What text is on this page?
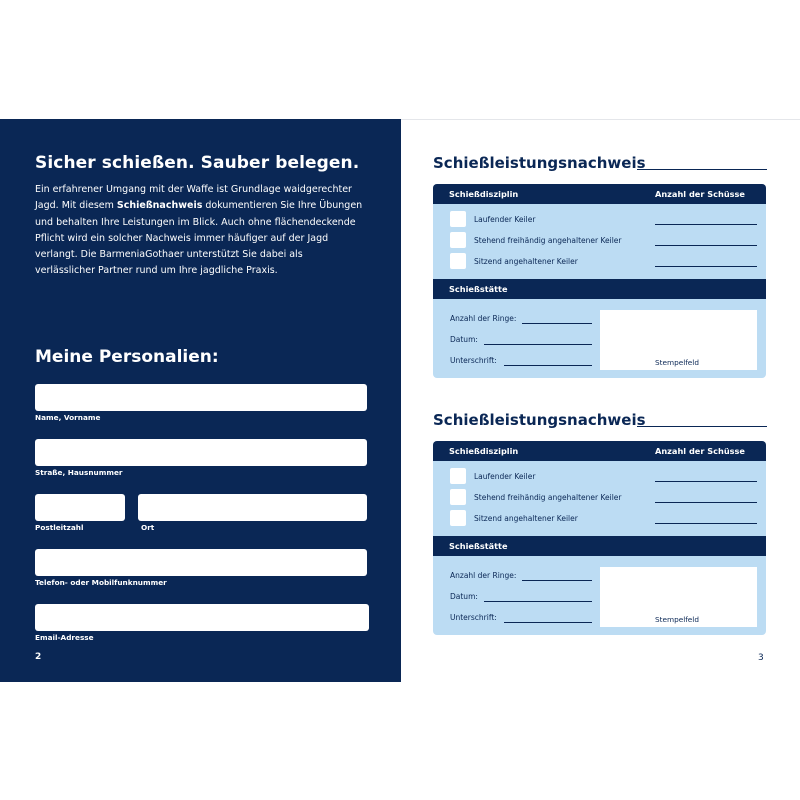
Sicher schießen. Sauber belegen.

Ein erfahrener Umgang mit der Waffe ist Grundlage waidgerechter Jagd. Mit diesem Schießnachweis dokumentieren Sie Ihre Übungen und behalten Ihre Leistungen im Blick. Auch ohne flächendeckende Pflicht wird ein solcher Nachweis immer häufiger auf der Jagd verlangt. Die BarmeniaGothaer unterstützt Sie dabei als verlässlicher Partner rund um Ihre jagdliche Praxis.

Meine Personalien:
Name, Vorname
Straße, Hausnummer
Postleitzahl	Ort
Telefon- oder Mobilfunknummer
Email-Adresse
2
Schießleistungsnachweis
Schießdisziplin	Anzahl der Schüsse
Laufender Keiler
Stehend freihändig angehaltener Keiler
Sitzend angehaltener Keiler
Schießstätte
Anzahl der Ringe:
Datum:
Unterschrift:	Stempelfeld
Schießleistungsnachweis
Schießdisziplin	Anzahl der Schüsse
Laufender Keiler
Stehend freihändig angehaltener Keiler
Sitzend angehaltener Keiler
Schießstätte
Anzahl der Ringe:
Datum:
Unterschrift:	Stempelfeld
3
